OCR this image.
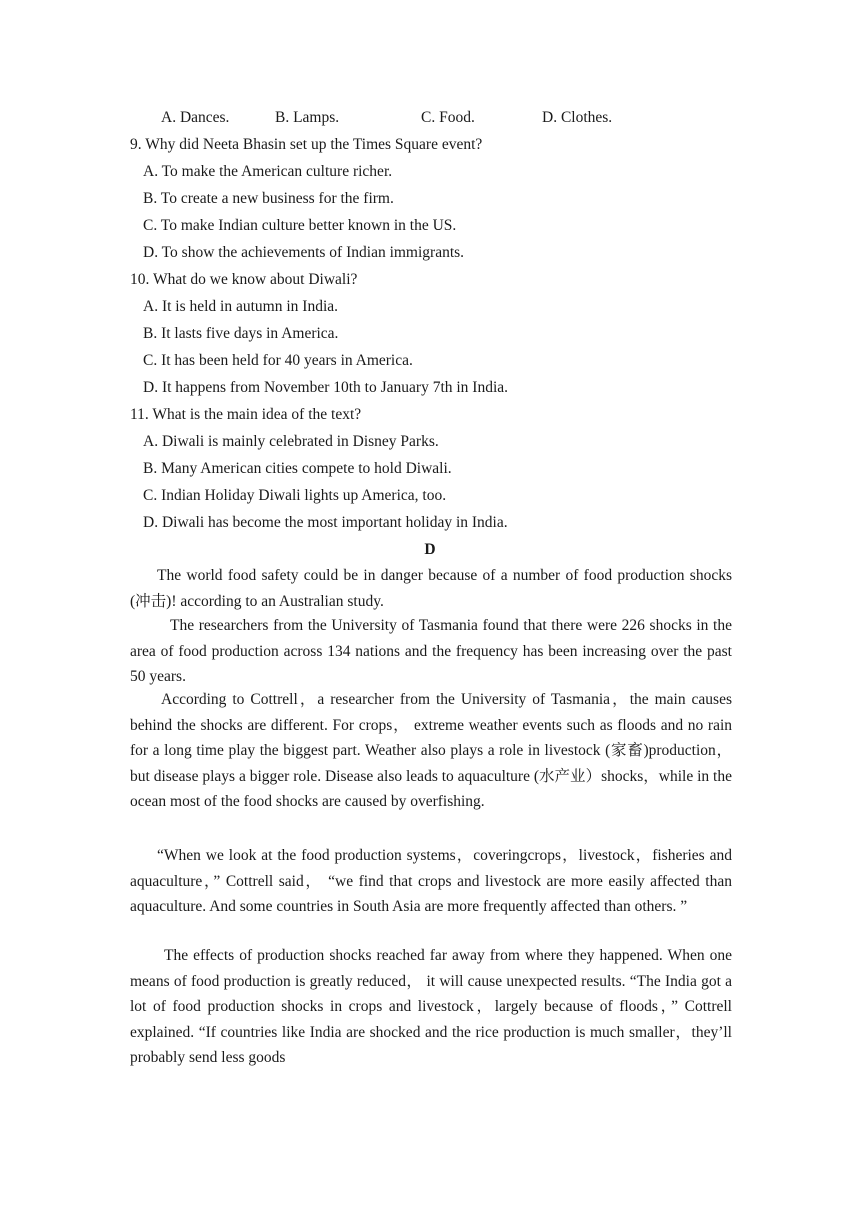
A. Dances.	B. Lamps.	C. Food.	D. Clothes.
9. Why did Neeta Bhasin set up the Times Square event?
A. To make the American culture richer.
B. To create a new business for the firm.
C. To make Indian culture better known in the US.
D. To show the achievements of Indian immigrants.
10. What do we know about Diwali?
A. It is held in autumn in India.
B. It lasts five days in America.
C. It has been held for 40 years in America.
D. It happens from November 10th to January 7th in India.
11. What is the main idea of the text?
A. Diwali is mainly celebrated in Disney Parks.
B. Many American cities compete to hold Diwali.
C. Indian Holiday Diwali lights up America, too.
D. Diwali has become the most important holiday in India.
D
The world food safety could be in danger because of a number of food production shocks (冲击)! according to an Australian study.
The researchers from the University of Tasmania found that there were 226 shocks in the area of food production across 134 nations and the frequency has been increasing over the past 50 years.
According to Cottrell，a researcher from the University of Tasmania，the main causes behind the shocks are different. For crops， extreme weather events such as floods and no rain for a long time play the biggest part. Weather also plays a role in livestock (家畜)production， but disease plays a bigger role. Disease also leads to aquaculture (水产业）shocks，while in the ocean most of the food shocks are caused by overfishing.
“When we look at the food production systems，coveringcrops，livestock，fisheries and aquaculture，” Cottrell said， “we find that crops and livestock are more easily affected than aquaculture. And some countries in South Asia are more frequently affected than others. ”
The effects of production shocks reached far away from where they happened. When one means of food production is greatly reduced， it will cause unexpected results. “The India got a lot of food production shocks in crops and livestock，largely because of floods，” Cottrell explained. “If countries like India are shocked and the rice production is much smaller，they’ll probably send less goods
